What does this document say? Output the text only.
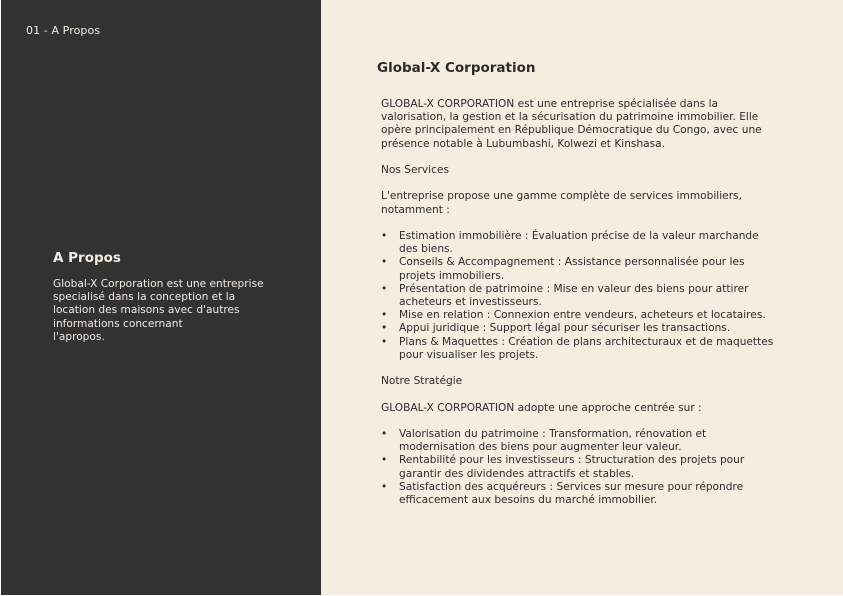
01 - A Propos
A Propos
Global-X Corporation est une entreprise
specialisé dans la conception et la
location des maisons avec d'autres
informations concernant
l'apropos.
Global-X Corporation

GLOBAL-X CORPORATION est une entreprise spécialisée dans la
valorisation, la gestion et la sécurisation du patrimoine immobilier. Elle
opère principalement en République Démocratique du Congo, avec une
présence notable à Lubumbashi, Kolwezi et Kinshasa.

Nos Services

L'entreprise propose une gamme complète de services immobiliers,
notamment :

• Estimation immobilière : Évaluation précise de la valeur marchande
des biens.
• Conseils & Accompagnement : Assistance personnalisée pour les
projets immobiliers.
• Présentation de patrimoine : Mise en valeur des biens pour attirer
acheteurs et investisseurs.
• Mise en relation : Connexion entre vendeurs, acheteurs et locataires.
• Appui juridique : Support légal pour sécuriser les transactions.
• Plans & Maquettes : Création de plans architecturaux et de maquettes
pour visualiser les projets.

Notre Stratégie

GLOBAL-X CORPORATION adopte une approche centrée sur :

• Valorisation du patrimoine : Transformation, rénovation et
modernisation des biens pour augmenter leur valeur.
• Rentabilité pour les investisseurs : Structuration des projets pour
garantir des dividendes attractifs et stables.
• Satisfaction des acquéreurs : Services sur mesure pour répondre
efficacement aux besoins du marché immobilier.
